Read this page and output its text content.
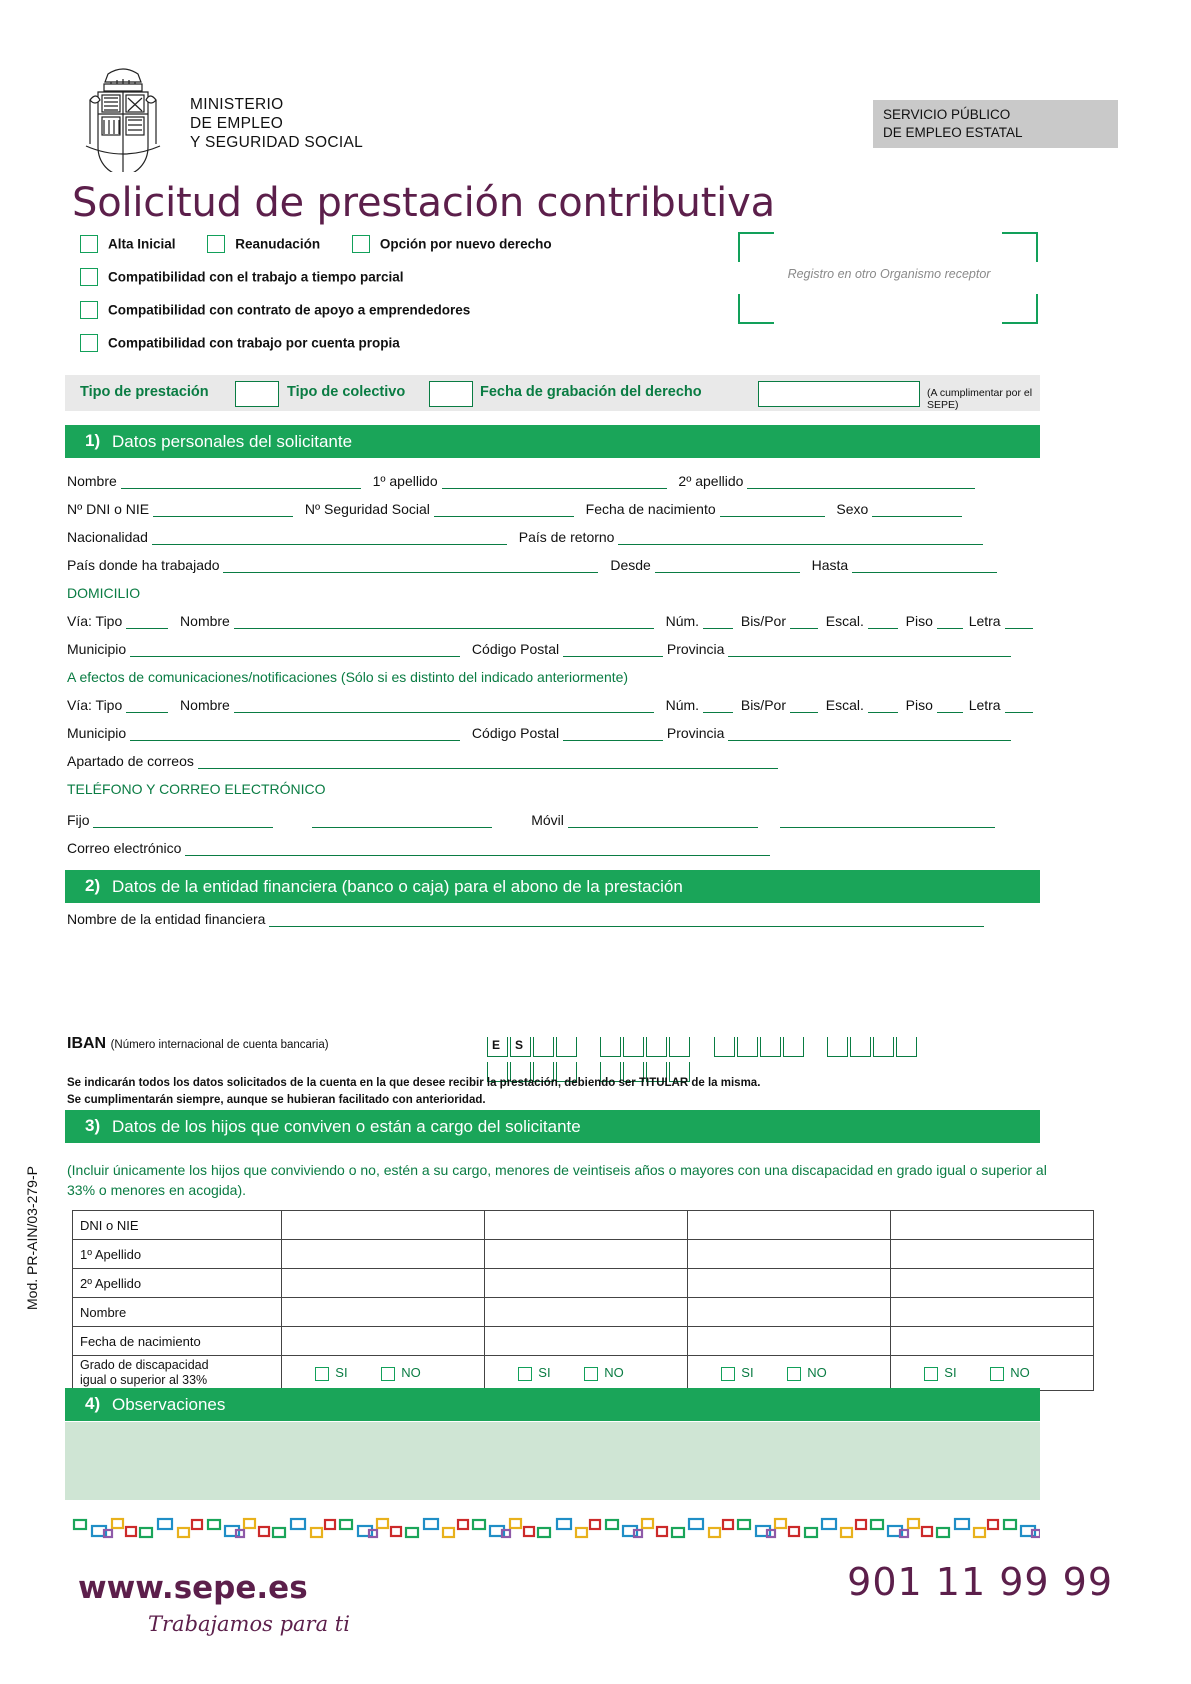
MINISTERIO
DE EMPLEO
Y SEGURIDAD SOCIAL
SERVICIO PÚBLICO
DE EMPLEO ESTATAL
Solicitud de prestación contributiva
Alta Inicial	Reanudación	Opción por nuevo derecho
Compatibilidad con el trabajo a tiempo parcial
Compatibilidad con contrato de apoyo a emprendedores
Compatibilidad con trabajo por cuenta propia
Registro en otro Organismo receptor
Tipo de prestación	Tipo de colectivo	Fecha de grabación del derecho	(A cumplimentar por el SEPE)
1) Datos personales del solicitante
Nombre	1º apellido	2º apellido
Nº DNI o NIE	Nº Seguridad Social	Fecha de nacimiento	Sexo
Nacionalidad	País de retorno
País donde ha trabajado	Desde	Hasta
DOMICILIO
Vía: Tipo	Nombre	Núm.	Bis/Por	Escal.	Piso	Letra
Municipio	Código Postal	Provincia
A efectos de comunicaciones/notificaciones (Sólo si es distinto del indicado anteriormente)
Vía: Tipo	Nombre	Núm.	Bis/Por	Escal.	Piso	Letra
Municipio	Código Postal	Provincia
Apartado de correos
TELÉFONO Y CORREO ELECTRÓNICO
Fijo	Móvil
Correo electrónico
2) Datos de la entidad financiera (banco o caja) para el abono de la prestación
Nombre de la entidad financiera
IBAN (Número internacional de cuenta bancaria)	E S

Se indicarán todos los datos solicitados de la cuenta en la que desee recibir la prestación, debiendo ser TITULAR de la misma.
Se cumplimentarán siempre, aunque se hubieran facilitado con anterioridad.
3) Datos de los hijos que conviven o están a cargo del solicitante
(Incluir únicamente los hijos que conviviendo o no, estén a su cargo, menores de veintiseis años o mayores con una discapacidad en grado igual o superior al 33% o menores en acogida).
DNI o NIE				
1º Apellido				
2º Apellido				
Nombre				
Fecha de nacimiento				

Grado de discapacidad
igual o superior al 33%	SI NO	SI NO	SI NO	SI NO
4) Observaciones
www.sepe.es
Trabajamos para ti
901 11 99 99
Mod. PR-AIN/03-279-P
